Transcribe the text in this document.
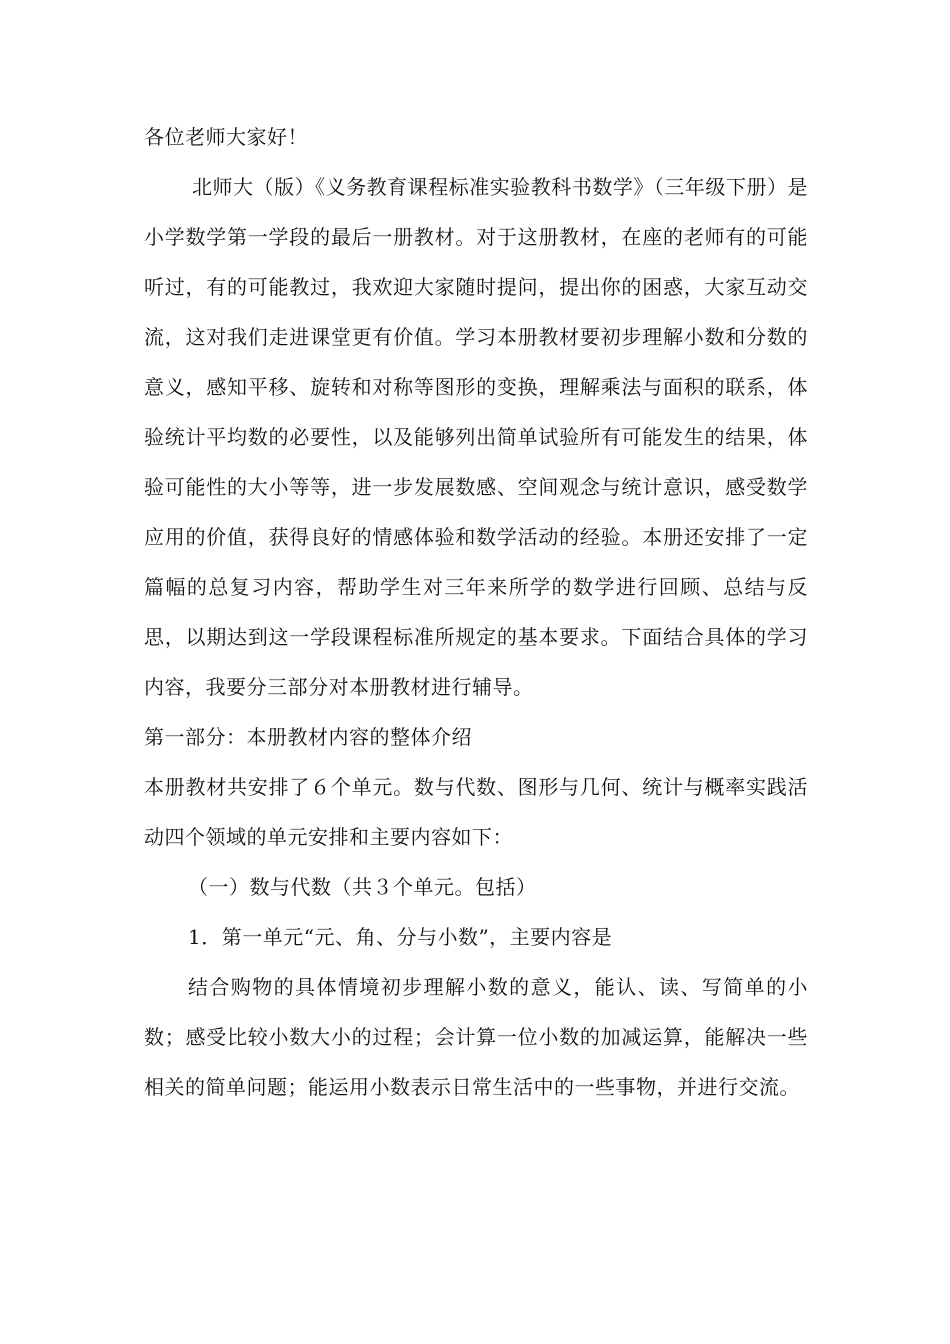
各位老师大家好！

北师大（版）《义务教育课程标准实验教科书数学》（三年级下册）是小学数学第一学段的最后一册教材。对于这册教材，在座的老师有的可能听过，有的可能教过，我欢迎大家随时提问，提出你的困惑，大家互动交流，这对我们走进课堂更有价值。学习本册教材要初步理解小数和分数的意义，感知平移、旋转和对称等图形的变换，理解乘法与面积的联系，体验统计平均数的必要性，以及能够列出简单试验所有可能发生的结果，体验可能性的大小等等，进一步发展数感、空间观念与统计意识，感受数学应用的价值，获得良好的情感体验和数学活动的经验。本册还安排了一定篇幅的总复习内容，帮助学生对三年来所学的数学进行回顾、总结与反思，以期达到这一学段课程标准所规定的基本要求。下面结合具体的学习内容，我要分三部分对本册教材进行辅导。

第一部分：本册教材内容的整体介绍

本册教材共安排了６个单元。数与代数、图形与几何、统计与概率实践活动四个领域的单元安排和主要内容如下：

（一）数与代数（共３个单元。包括）

1．第一单元“元、角、分与小数”，主要内容是

结合购物的具体情境初步理解小数的意义，能认、读、写简单的小数；感受比较小数大小的过程；会计算一位小数的加减运算，能解决一些相关的简单问题；能运用小数表示日常生活中的一些事物，并进行交流。
